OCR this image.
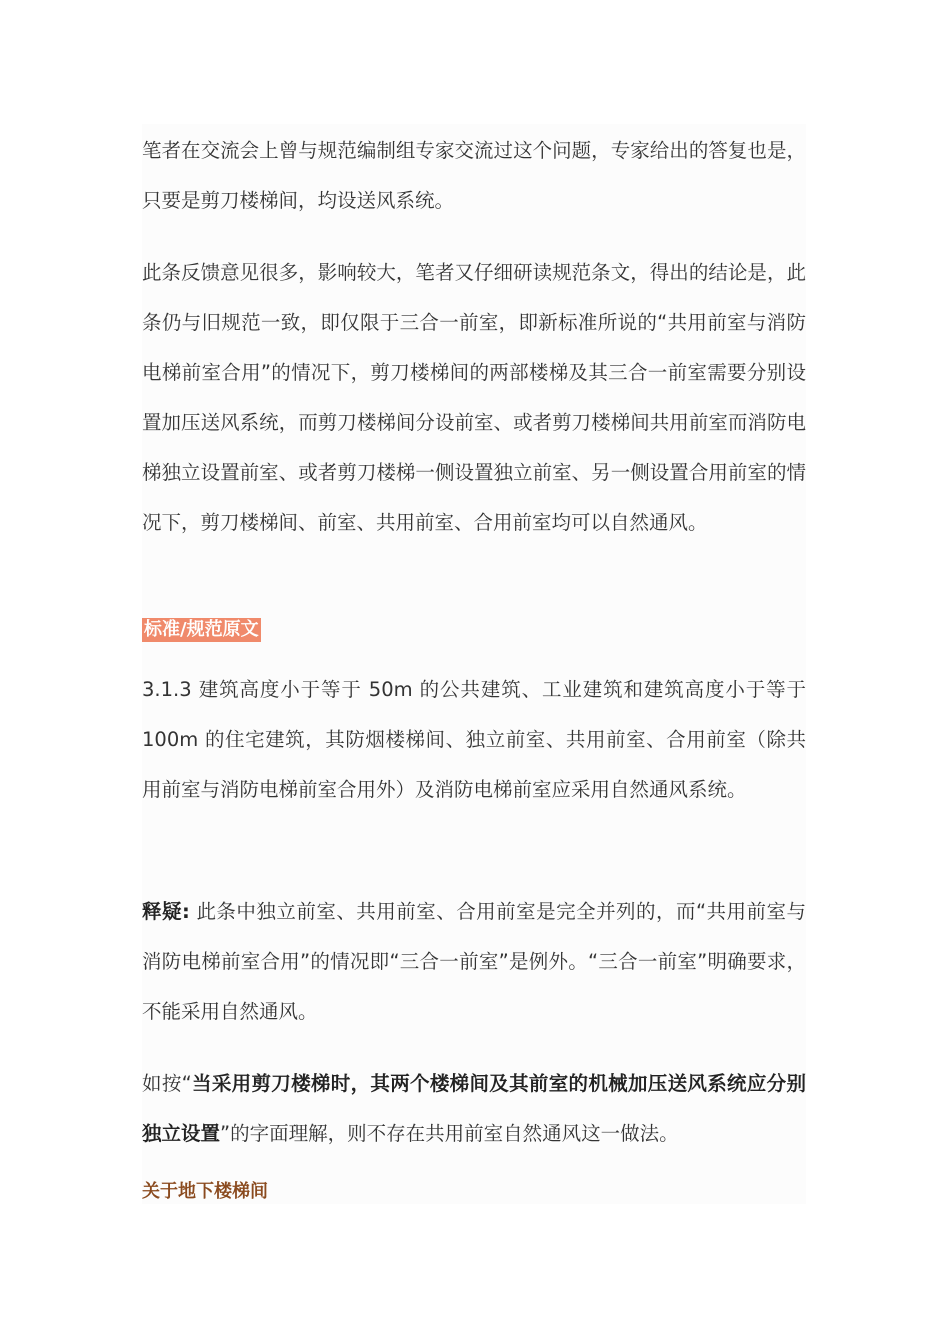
笔者在交流会上曾与规范编制组专家交流过这个问题，专家给出的答复也是，只要是剪刀楼梯间，均设送风系统。

此条反馈意见很多，影响较大，笔者又仔细研读规范条文，得出的结论是，此条仍与旧规范一致，即仅限于三合一前室，即新标准所说的“共用前室与消防电梯前室合用”的情况下，剪刀楼梯间的两部楼梯及其三合一前室需要分别设置加压送风系统，而剪刀楼梯间分设前室、或者剪刀楼梯间共用前室而消防电梯独立设置前室、或者剪刀楼梯一侧设置独立前室、另一侧设置合用前室的情况下，剪刀楼梯间、前室、共用前室、合用前室均可以自然通风。

标准/规范原文

3.1.3 建筑高度小于等于 50m 的公共建筑、工业建筑和建筑高度小于等于 100m 的住宅建筑，其防烟楼梯间、独立前室、共用前室、合用前室（除共用前室与消防电梯前室合用外）及消防电梯前室应采用自然通风系统。

释疑: 此条中独立前室、共用前室、合用前室是完全并列的，而“共用前室与消防电梯前室合用”的情况即“三合一前室”是例外。“三合一前室”明确要求，不能采用自然通风。

如按“当采用剪刀楼梯时，其两个楼梯间及其前室的机械加压送风系统应分别独立设置”的字面理解，则不存在共用前室自然通风这一做法。

关于地下楼梯间
